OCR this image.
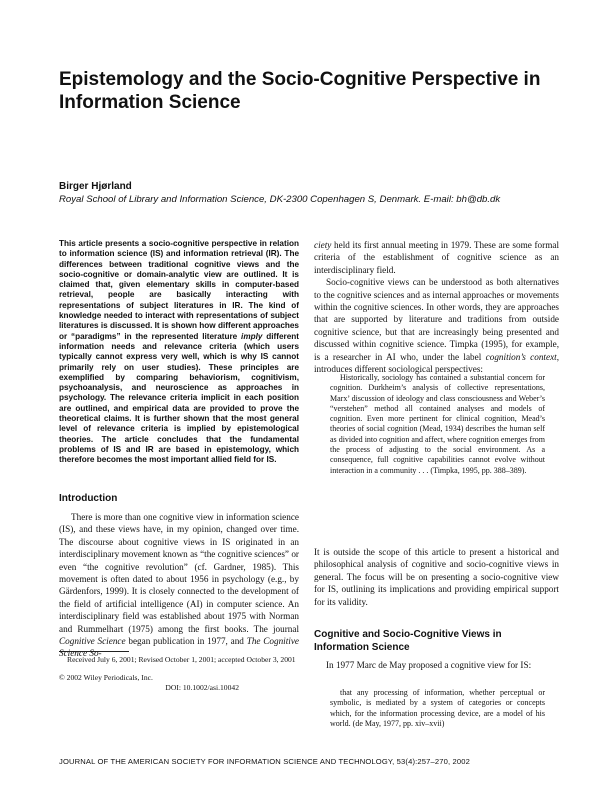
Epistemology and the Socio-Cognitive Perspective in Information Science
Birger Hjørland
Royal School of Library and Information Science, DK-2300 Copenhagen S, Denmark. E-mail: bh@db.dk

This article presents a socio-cognitive perspective in relation to information science (IS) and information retrieval (IR). The differences between traditional cognitive views and the socio-cognitive or domain-analytic view are outlined. It is claimed that, given elementary skills in computer-based retrieval, people are basically interacting with representations of subject literatures in IR. The kind of knowledge needed to interact with representations of subject literatures is discussed. It is shown how different approaches or “paradigms” in the represented literature imply different information needs and relevance criteria (which users typically cannot express very well, which is why IS cannot primarily rely on user studies). These principles are exemplified by comparing behaviorism, cognitivism, psychoanalysis, and neuroscience as approaches in psychology. The relevance criteria implicit in each position are outlined, and empirical data are provided to prove the theoretical claims. It is further shown that the most general level of relevance criteria is implied by epistemological theories. The article concludes that the fundamental problems of IS and IR are based in epistemology, which therefore becomes the most important allied field for IS.

Introduction

There is more than one cognitive view in information science (IS), and these views have, in my opinion, changed over time. The discourse about cognitive views in IS originated in an interdisciplinary movement known as “the cognitive sciences” or even “the cognitive revolution” (cf. Gardner, 1985). This movement is often dated to about 1956 in psychology (e.g., by Gärdenfors, 1999). It is closely connected to the development of the field of artificial intelligence (AI) in computer science. An interdisciplinary field was established about 1975 with Norman and Rummelhart (1975) among the first books. The journal Cognitive Science began publication in 1977, and The Cognitive Science So-

Received July 6, 2001; Revised October 1, 2001; accepted October 3, 2001

© 2002 Wiley Periodicals, Inc.

DOI: 10.1002/asi.10042

ciety held its first annual meeting in 1979. These are some formal criteria of the establishment of cognitive science as an interdisciplinary field.

Socio-cognitive views can be understood as both alternatives to the cognitive sciences and as internal approaches or movements within the cognitive sciences. In other words, they are approaches that are supported by literature and traditions from outside cognitive science, but that are increasingly being presented and discussed within cognitive science. Timpka (1995), for example, is a researcher in AI who, under the label cognition’s context, introduces different sociological perspectives:

Historically, sociology has contained a substantial concern for cognition. Durkheim’s analysis of collective representations, Marx’ discussion of ideology and class consciousness and Weber’s “verstehen” method all contained analyses and models of cognition. Even more pertinent for clinical cognition, Mead’s theories of social cognition (Mead, 1934) describes the human self as divided into cognition and affect, where cognition emerges from the process of adjusting to the social environment. As a consequence, full cognitive capabilities cannot evolve without interaction in a community . . . (Timpka, 1995, pp. 388–389).

It is outside the scope of this article to present a historical and philosophical analysis of cognitive and socio-cognitive views in general. The focus will be on presenting a socio-cognitive view for IS, outlining its implications and providing empirical support for its validity.

Cognitive and Socio-Cognitive Views in Information Science

In 1977 Marc de May proposed a cognitive view for IS:

that any processing of information, whether perceptual or symbolic, is mediated by a system of categories or concepts which, for the information processing device, are a model of his world. (de May, 1977, pp. xiv–xvii)

JOURNAL OF THE AMERICAN SOCIETY FOR INFORMATION SCIENCE AND TECHNOLOGY, 53(4):257–270, 2002
